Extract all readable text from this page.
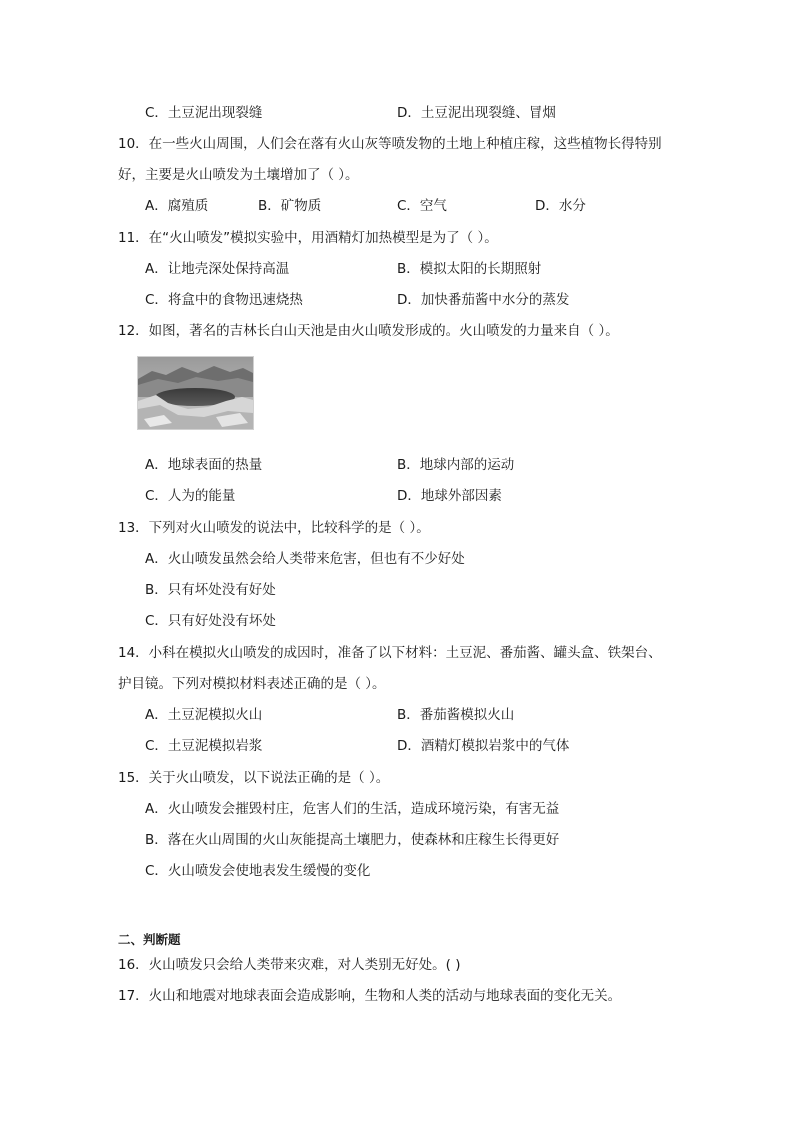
C．土豆泥出现裂缝	D．土豆泥出现裂缝、冒烟
10．在一些火山周围，人们会在落有火山灰等喷发物的土地上种植庄稼，这些植物长得特别
好，主要是火山喷发为土壤增加了（ ）。
A．腐殖质	B．矿物质	C．空气	D．水分
11．在“火山喷发”模拟实验中，用酒精灯加热模型是为了（ ）。
A．让地壳深处保持高温	B．模拟太阳的长期照射
C．将盒中的食物迅速烧热	D．加快番茄酱中水分的蒸发
12．如图，著名的吉林长白山天池是由火山喷发形成的。火山喷发的力量来自（ ）。
A．地球表面的热量	B．地球内部的运动
C．人为的能量	D．地球外部因素
13．下列对火山喷发的说法中，比较科学的是（ ）。
A．火山喷发虽然会给人类带来危害，但也有不少好处
B．只有坏处没有好处
C．只有好处没有坏处
14．小科在模拟火山喷发的成因时，准备了以下材料：土豆泥、番茄酱、罐头盒、铁架台、
护目镜。下列对模拟材料表述正确的是（ ）。
A．土豆泥模拟火山	B．番茄酱模拟火山
C．土豆泥模拟岩浆	D．酒精灯模拟岩浆中的气体
15．关于火山喷发，以下说法正确的是（ ）。
A．火山喷发会摧毁村庄，危害人们的生活，造成环境污染，有害无益
B．落在火山周围的火山灰能提高土壤肥力，使森林和庄稼生长得更好
C．火山喷发会使地表发生缓慢的变化
二、判断题
16．火山喷发只会给人类带来灾难，对人类别无好处。( )
17．火山和地震对地球表面会造成影响，生物和人类的活动与地球表面的变化无关。
